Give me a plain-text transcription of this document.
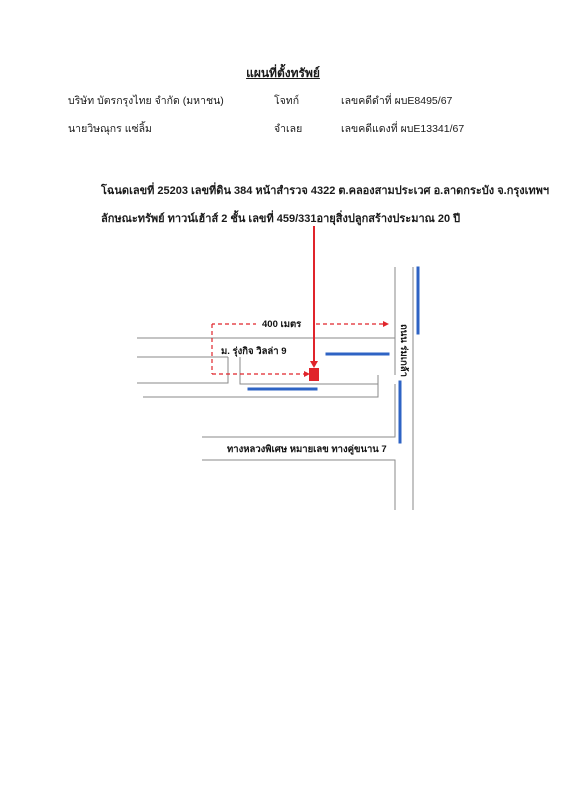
แผนที่ตั้งทรัพย์
บริษัท บัตรกรุงไทย จำกัด (มหาชน)	โจทก์	เลขคดีดำที่ ผบE8495/67
นายวิษณุกร แซ่ลิ้ม	จำเลย	เลขคดีแดงที่ ผบE13341/67
โฉนดเลขที่ 25203 เลขที่ดิน 384 หน้าสำรวจ 4322 ต.คลองสามประเวศ อ.ลาดกระบัง จ.กรุงเทพฯ
ลักษณะทรัพย์ ทาวน์เฮ้าส์ 2 ชั้น เลขที่ 459/331อายุสิ่งปลูกสร้างประมาณ 20 ปี
400 เมตร
ม. รุ่งกิจ วิลล่า 9	ถนน ร่มเกล้า
ทางหลวงพิเศษ หมายเลข ทางคู่ขนาน 7
